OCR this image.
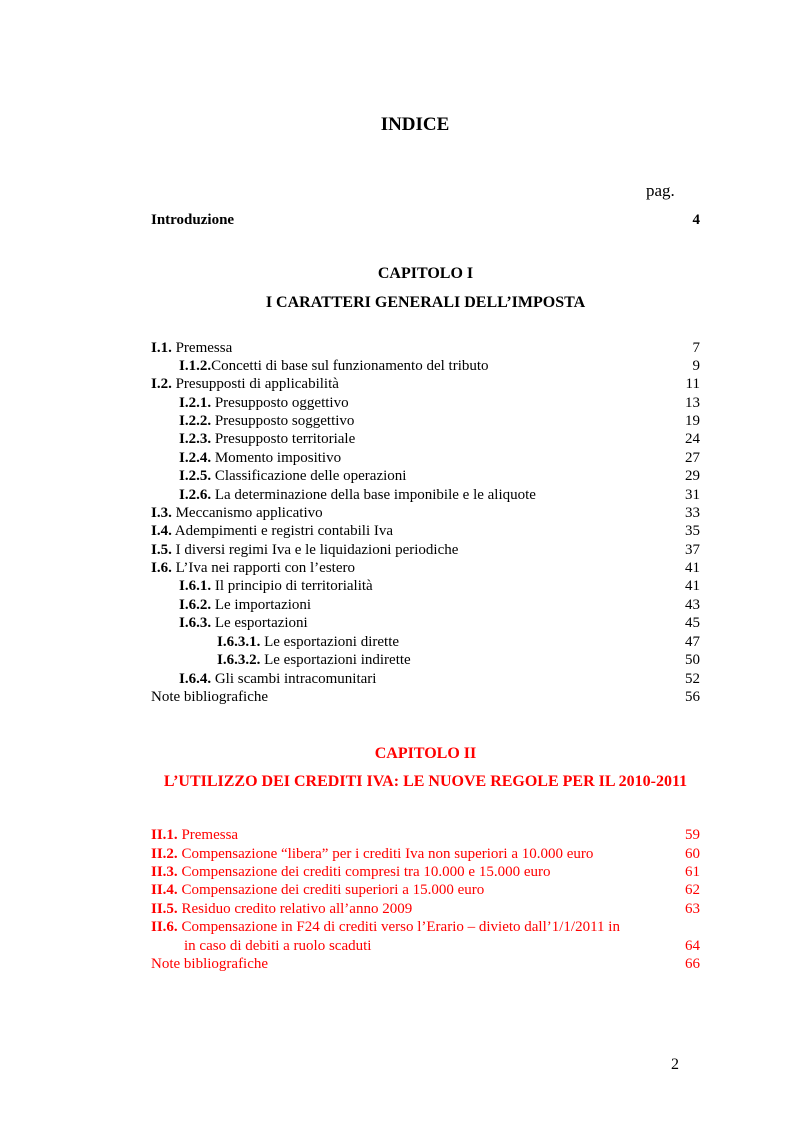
INDICE
pag.
Introduzione	4
CAPITOLO I
I CARATTERI GENERALI DELL’IMPOSTA
I.1. Premessa	7
I.1.2.Concetti di base sul funzionamento del tributo	9
I.2. Presupposti di applicabilità	11
I.2.1. Presupposto oggettivo	13
I.2.2. Presupposto soggettivo	19
I.2.3. Presupposto territoriale	24
I.2.4. Momento impositivo	27
I.2.5. Classificazione delle operazioni	29
I.2.6. La determinazione della base imponibile e le aliquote	31
I.3. Meccanismo applicativo	33
I.4. Adempimenti e registri contabili Iva	35
I.5. I diversi regimi Iva e le liquidazioni periodiche	37
I.6. L’Iva nei rapporti con l’estero	41
I.6.1. Il principio di territorialità	41
I.6.2. Le importazioni	43
I.6.3. Le esportazioni	45
I.6.3.1. Le esportazioni dirette	47
I.6.3.2. Le esportazioni indirette	50
I.6.4. Gli scambi intracomunitari	52
Note bibliografiche	56
CAPITOLO II
L’UTILIZZO DEI CREDITI IVA: LE NUOVE REGOLE PER IL 2010-2011
II.1. Premessa	59
II.2. Compensazione “libera” per i crediti Iva non superiori a 10.000 euro	60
II.3. Compensazione dei crediti compresi tra 10.000 e 15.000 euro	61
II.4. Compensazione dei crediti superiori a 15.000 euro	62
II.5. Residuo credito relativo all’anno 2009	63
II.6. Compensazione in F24 di crediti verso l’Erario – divieto dall’1/1/2011 in
in caso di debiti a ruolo scaduti	64
Note bibliografiche	66
2
